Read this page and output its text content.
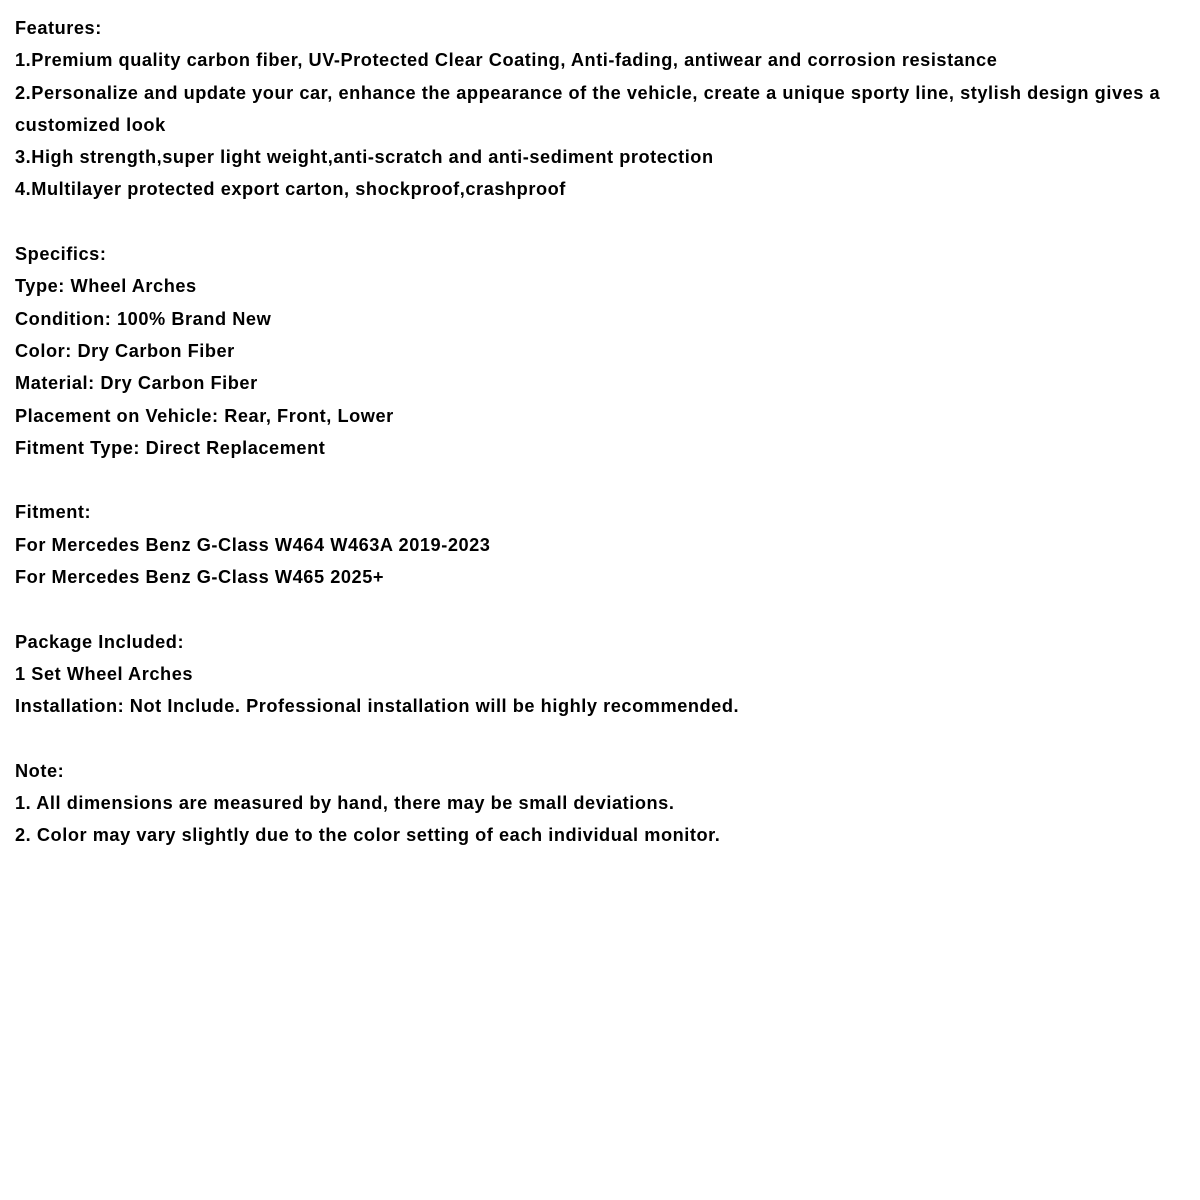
Features:

1.Premium quality carbon fiber, UV-Protected Clear Coating, Anti-fading, antiwear and corrosion resistance

2.Personalize and update your car, enhance the appearance of the vehicle, create a unique sporty line, stylish design gives a customized look

3.High strength,super light weight,anti-scratch and anti-sediment protection

4.Multilayer protected export carton, shockproof,crashproof

Specifics:

Type: Wheel Arches

Condition: 100% Brand New

Color: Dry Carbon Fiber

Material: Dry Carbon Fiber

Placement on Vehicle: Rear, Front, Lower

Fitment Type: Direct Replacement

Fitment:

For Mercedes Benz G-Class W464 W463A 2019-2023

For Mercedes Benz G-Class W465 2025+

Package Included:

1 Set Wheel Arches

Installation: Not Include. Professional installation will be highly recommended.

Note:

1. All dimensions are measured by hand, there may be small deviations.

2. Color may vary slightly due to the color setting of each individual monitor.
